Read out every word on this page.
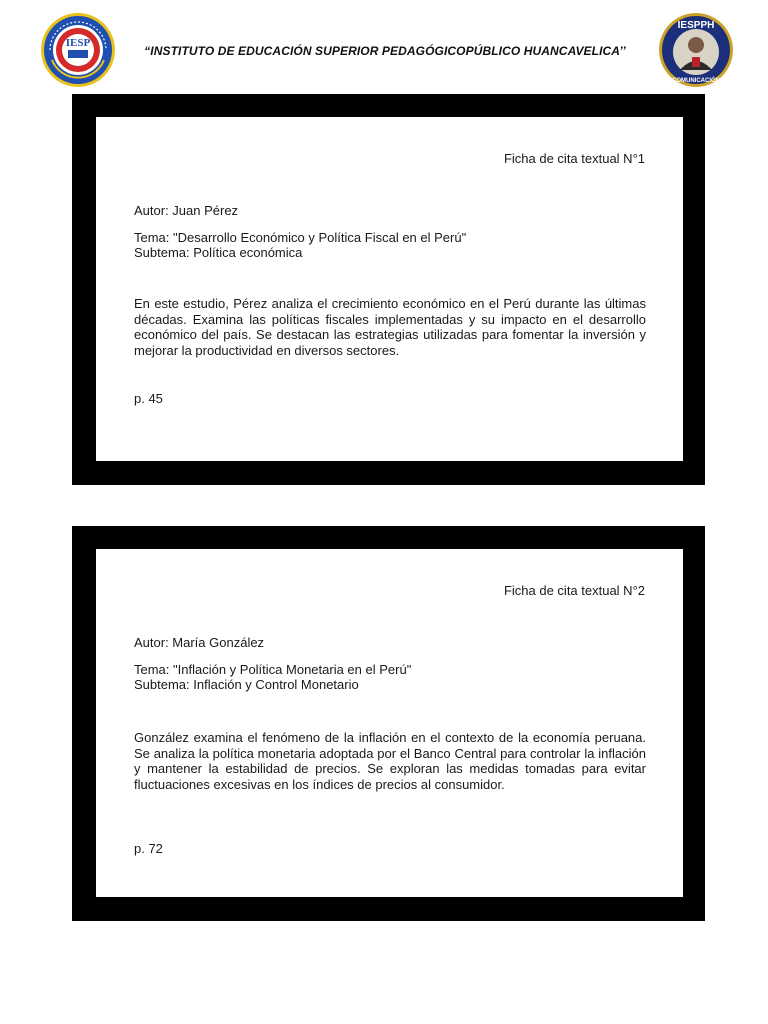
IESP
“INSTITUTO DE EDUCACIÓN SUPERIOR PEDAGÓGICOPÚBLICO HUANCAVELICA’’
IESPPH
COMUNICACIÓN
Ficha de cita textual N°1
Autor: Juan Pérez
Tema: "Desarrollo Económico y Política Fiscal en el Perú"
Subtema: Política económica
En este estudio, Pérez analiza el crecimiento económico en el Perú durante las últimas décadas. Examina las políticas fiscales implementadas y su impacto en el desarrollo económico del país. Se destacan las estrategias utilizadas para fomentar la inversión y mejorar la productividad en diversos sectores.
p. 45
Ficha de cita textual N°2
Autor: María González
Tema: "Inflación y Política Monetaria en el Perú"
Subtema: Inflación y Control Monetario
González examina el fenómeno de la inflación en el contexto de la economía peruana. Se analiza la política monetaria adoptada por el Banco Central para controlar la inflación y mantener la estabilidad de precios. Se exploran las medidas tomadas para evitar fluctuaciones excesivas en los índices de precios al consumidor.
p. 72
